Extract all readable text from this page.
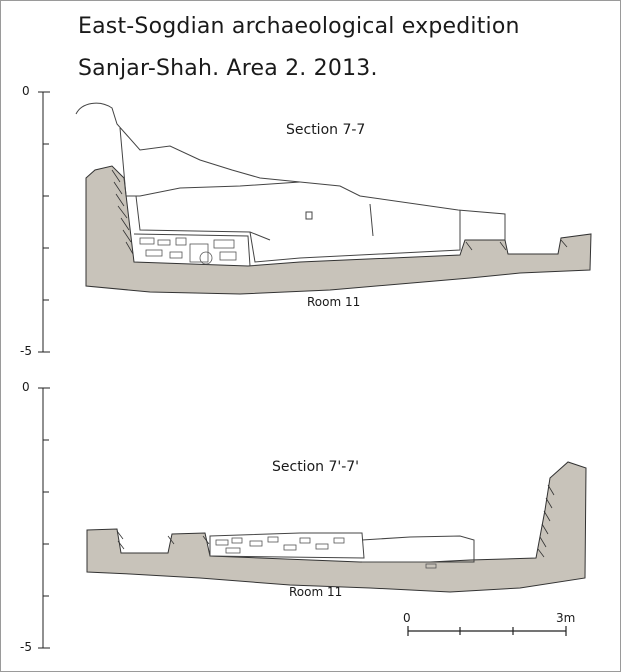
East-Sogdian archaeological expedition
Sanjar-Shah. Area 2. 2013.
0
-5
Section 7-7
Room 11
0
-5
Section 7'-7'
Room 11
0	3m
